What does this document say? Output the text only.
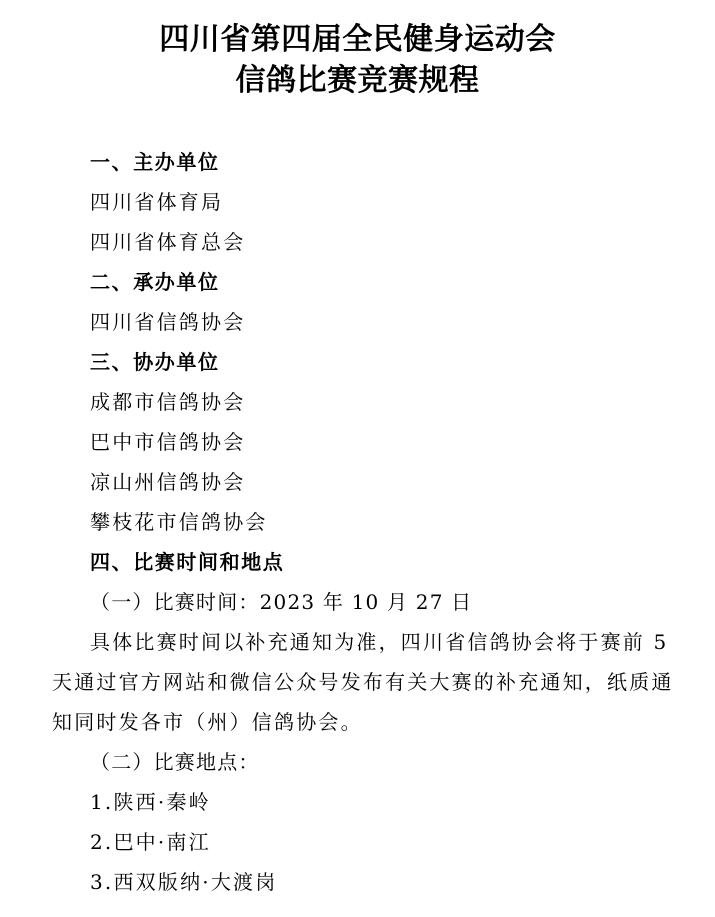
四川省第四届全民健身运动会
信鸽比赛竞赛规程
一、主办单位
四川省体育局
四川省体育总会
二、承办单位
四川省信鸽协会
三、协办单位
成都市信鸽协会
巴中市信鸽协会
凉山州信鸽协会
攀枝花市信鸽协会
四、比赛时间和地点
（一）比赛时间：2023 年 10 月 27 日
具体比赛时间以补充通知为准，四川省信鸽协会将于赛前 5
天通过官方网站和微信公众号发布有关大赛的补充通知，纸质通
知同时发各市（州）信鸽协会。
（二）比赛地点：
1.陕西·秦岭
2.巴中·南江
3.西双版纳·大渡岗
